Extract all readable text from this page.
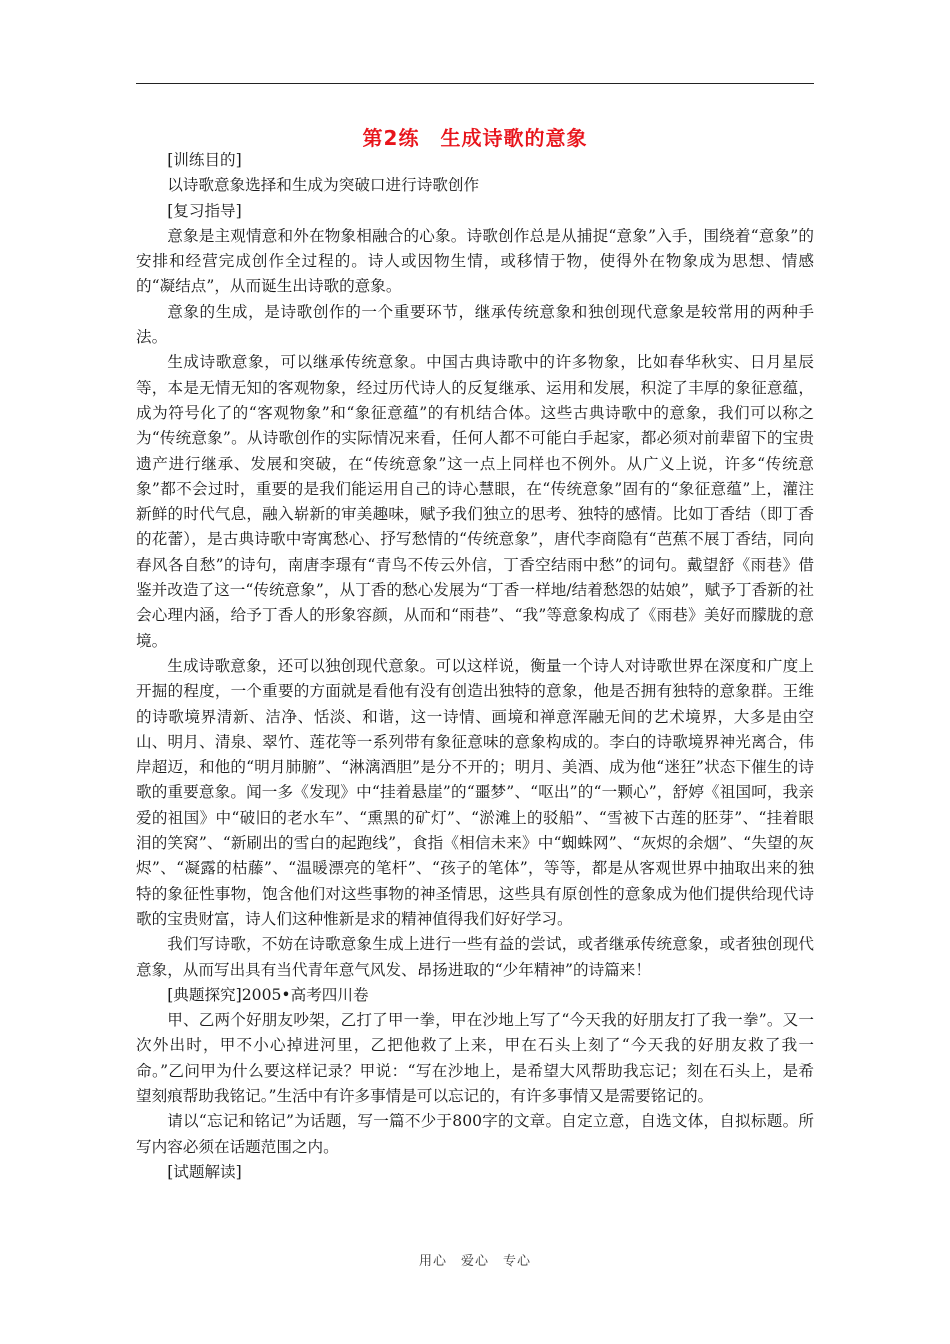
第2练　生成诗歌的意象

[训练目的]

以诗歌意象选择和生成为突破口进行诗歌创作

[复习指导]

意象是主观情意和外在物象相融合的心象。诗歌创作总是从捕捉“意象”入手，围绕着“意象”的安排和经营完成创作全过程的。诗人或因物生情，或移情于物，使得外在物象成为思想、情感的“凝结点”，从而诞生出诗歌的意象。

意象的生成，是诗歌创作的一个重要环节，继承传统意象和独创现代意象是较常用的两种手法。

生成诗歌意象，可以继承传统意象。中国古典诗歌中的许多物象，比如春华秋实、日月星辰等，本是无情无知的客观物象，经过历代诗人的反复继承、运用和发展，积淀了丰厚的象征意蕴，成为符号化了的“客观物象”和“象征意蕴”的有机结合体。这些古典诗歌中的意象，我们可以称之为“传统意象”。从诗歌创作的实际情况来看，任何人都不可能白手起家，都必须对前辈留下的宝贵遗产进行继承、发展和突破，在“传统意象”这一点上同样也不例外。从广义上说，许多“传统意象”都不会过时，重要的是我们能运用自己的诗心慧眼，在“传统意象”固有的“象征意蕴”上，灌注新鲜的时代气息，融入崭新的审美趣味，赋予我们独立的思考、独特的感情。比如丁香结（即丁香的花蕾），是古典诗歌中寄寓愁心、抒写愁情的“传统意象”，唐代李商隐有“芭蕉不展丁香结，同向春风各自愁”的诗句，南唐李璟有“青鸟不传云外信，丁香空结雨中愁”的词句。戴望舒《雨巷》借鉴并改造了这一“传统意象”，从丁香的愁心发展为“丁香一样地/结着愁怨的姑娘”，赋予丁香新的社会心理内涵，给予丁香人的形象容颜，从而和“雨巷”、“我”等意象构成了《雨巷》美好而朦胧的意境。

生成诗歌意象，还可以独创现代意象。可以这样说，衡量一个诗人对诗歌世界在深度和广度上开掘的程度，一个重要的方面就是看他有没有创造出独特的意象，他是否拥有独特的意象群。王维的诗歌境界清新、洁净、恬淡、和谐，这一诗情、画境和禅意浑融无间的艺术境界，大多是由空山、明月、清泉、翠竹、莲花等一系列带有象征意味的意象构成的。李白的诗歌境界神光离合，伟岸超迈，和他的“明月肺腑”、“淋漓酒胆”是分不开的；明月、美酒、成为他“迷狂”状态下催生的诗歌的重要意象。闻一多《发现》中“挂着悬崖”的“噩梦”、“呕出”的“一颗心”，舒婷《祖国呵，我亲爱的祖国》中“破旧的老水车”、“熏黑的矿灯”、“淤滩上的驳船”、“雪被下古莲的胚芽”、“挂着眼泪的笑窝”、“新刷出的雪白的起跑线”，食指《相信未来》中“蜘蛛网”、“灰烬的余烟”、“失望的灰烬”、“凝露的枯藤”、“温暖漂亮的笔杆”、“孩子的笔体”，等等，都是从客观世界中抽取出来的独特的象征性事物，饱含他们对这些事物的神圣情思，这些具有原创性的意象成为他们提供给现代诗歌的宝贵财富，诗人们这种惟新是求的精神值得我们好好学习。

我们写诗歌，不妨在诗歌意象生成上进行一些有益的尝试，或者继承传统意象，或者独创现代意象，从而写出具有当代青年意气风发、昂扬进取的“少年精神”的诗篇来！

[典题探究]2005•高考四川卷

甲、乙两个好朋友吵架，乙打了甲一拳，甲在沙地上写了“今天我的好朋友打了我一拳”。又一次外出时，甲不小心掉进河里，乙把他救了上来，甲在石头上刻了“今天我的好朋友救了我一命。”乙问甲为什么要这样记录？甲说：“写在沙地上，是希望大风帮助我忘记；刻在石头上，是希望刻痕帮助我铭记。”生活中有许多事情是可以忘记的，有许多事情又是需要铭记的。

请以“忘记和铭记”为话题，写一篇不少于800字的文章。自定立意，自选文体，自拟标题。所写内容必须在话题范围之内。

[试题解读]

用心　爱心　专心
